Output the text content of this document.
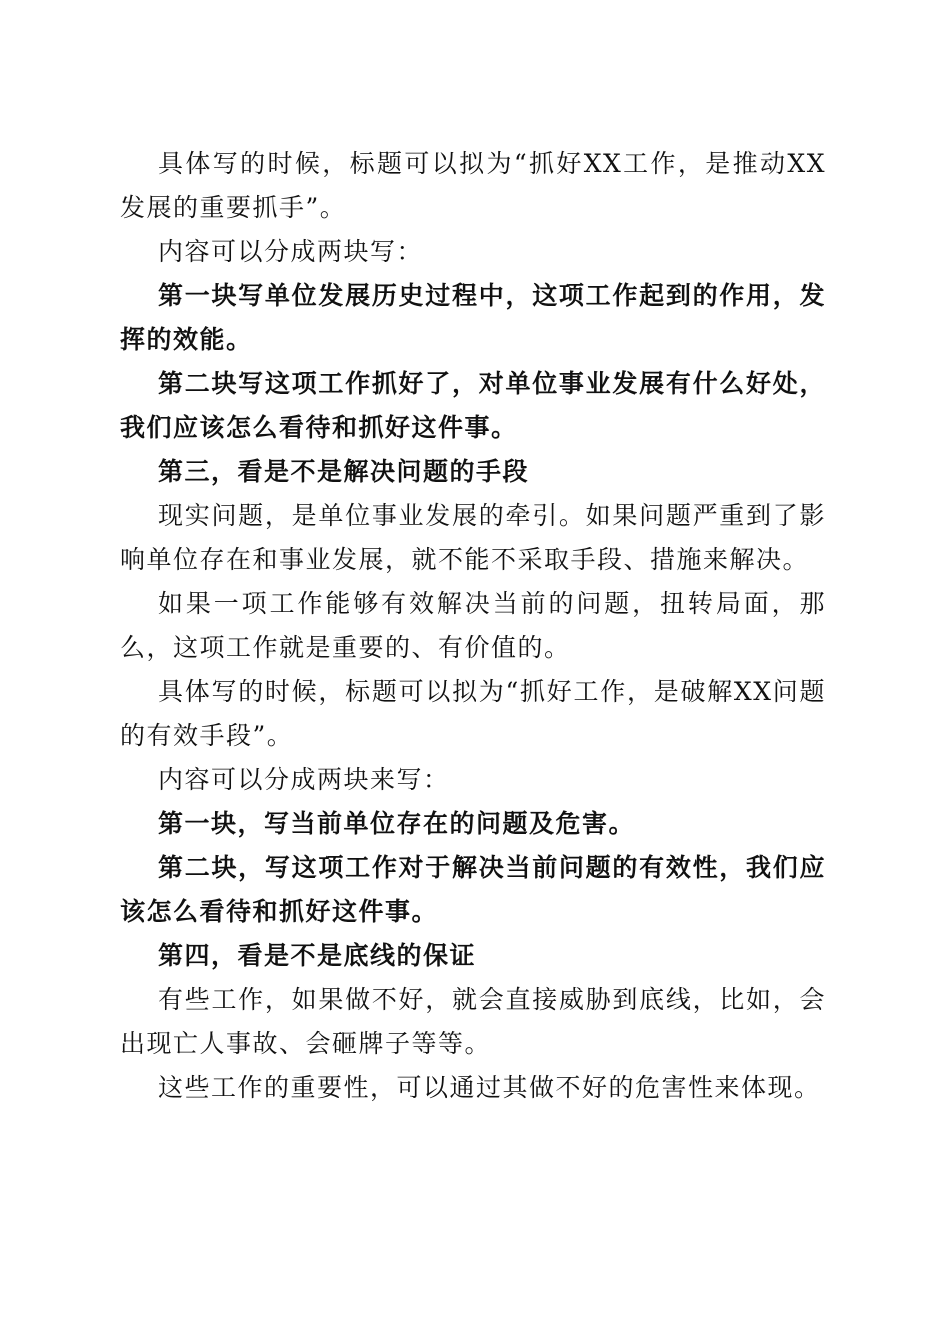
具体写的时候，标题可以拟为“抓好XX工作，是推动XX发展的重要抓手”。

内容可以分成两块写：

第一块写单位发展历史过程中，这项工作起到的作用，发挥的效能。

第二块写这项工作抓好了，对单位事业发展有什么好处，我们应该怎么看待和抓好这件事。

第三，看是不是解决问题的手段

现实问题，是单位事业发展的牵引。如果问题严重到了影响单位存在和事业发展，就不能不采取手段、措施来解决。

如果一项工作能够有效解决当前的问题，扭转局面，那么，这项工作就是重要的、有价值的。

具体写的时候，标题可以拟为“抓好工作，是破解XX问题的有效手段”。

内容可以分成两块来写：

第一块，写当前单位存在的问题及危害。

第二块，写这项工作对于解决当前问题的有效性，我们应该怎么看待和抓好这件事。

第四，看是不是底线的保证

有些工作，如果做不好，就会直接威胁到底线，比如，会出现亡人事故、会砸牌子等等。

这些工作的重要性，可以通过其做不好的危害性来体现。
